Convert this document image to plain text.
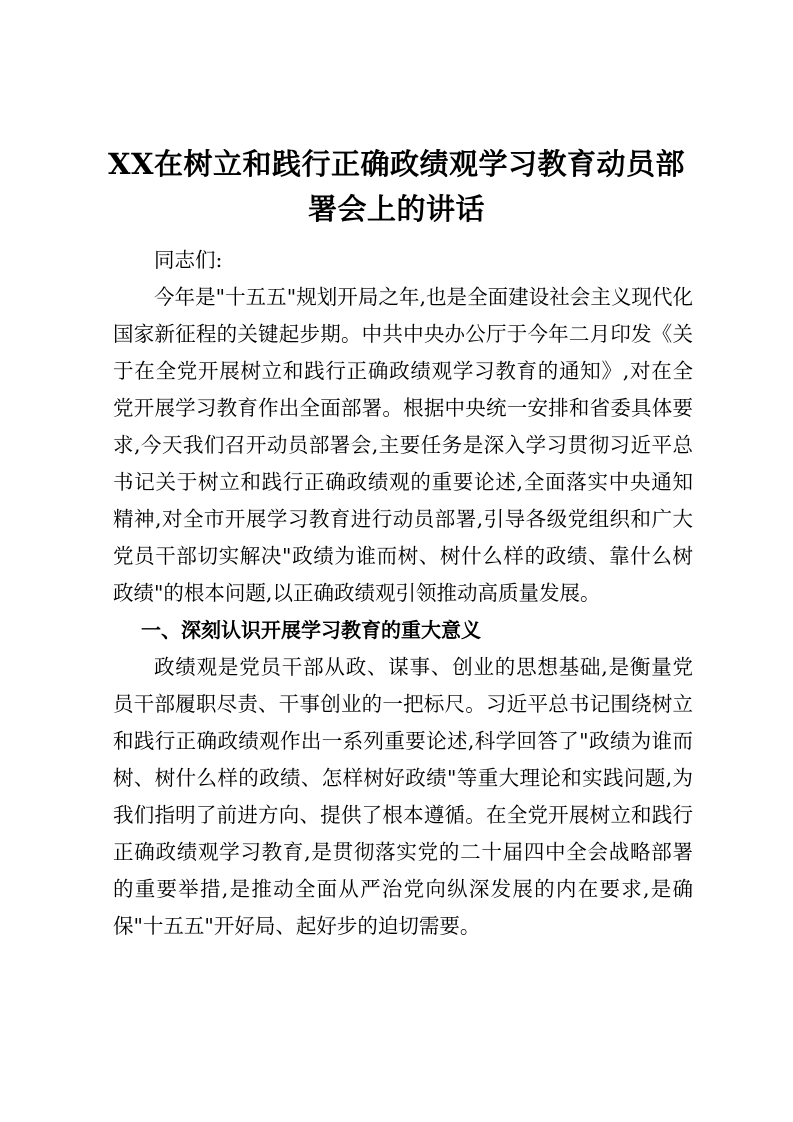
XX在树立和践行正确政绩观学习教育动员部署会上的讲话

同志们:

今年是"十五五"规划开局之年,也是全面建设社会主义现代化国家新征程的关键起步期。中共中央办公厅于今年二月印发《关于在全党开展树立和践行正确政绩观学习教育的通知》,对在全党开展学习教育作出全面部署。根据中央统一安排和省委具体要求,今天我们召开动员部署会,主要任务是深入学习贯彻习近平总书记关于树立和践行正确政绩观的重要论述,全面落实中央通知精神,对全市开展学习教育进行动员部署,引导各级党组织和广大党员干部切实解决"政绩为谁而树、树什么样的政绩、靠什么树政绩"的根本问题,以正确政绩观引领推动高质量发展。

一、深刻认识开展学习教育的重大意义

政绩观是党员干部从政、谋事、创业的思想基础,是衡量党员干部履职尽责、干事创业的一把标尺。习近平总书记围绕树立和践行正确政绩观作出一系列重要论述,科学回答了"政绩为谁而树、树什么样的政绩、怎样树好政绩"等重大理论和实践问题,为我们指明了前进方向、提供了根本遵循。在全党开展树立和践行正确政绩观学习教育,是贯彻落实党的二十届四中全会战略部署的重要举措,是推动全面从严治党向纵深发展的内在要求,是确保"十五五"开好局、起好步的迫切需要。
